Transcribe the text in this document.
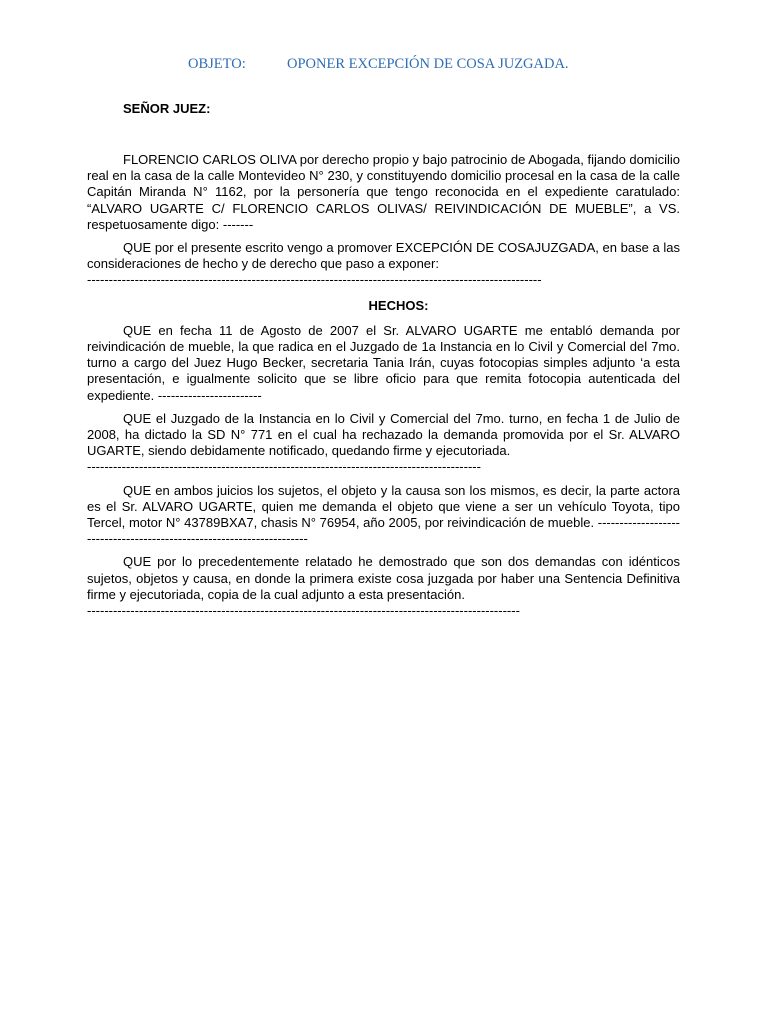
OBJETO:	OPONER EXCEPCIÓN DE COSA JUZGADA.
SEÑOR JUEZ:

FLORENCIO CARLOS OLIVA por derecho propio y bajo patrocinio de Abogada, fijando domicilio real en la casa de la calle Montevideo N° 230, y constituyendo domicilio procesal en la casa de la calle Capitán Miranda N° 1162, por la personería que tengo reconocida en el expediente caratulado: “ALVARO UGARTE C/ FLORENCIO CARLOS OLIVAS/ REIVINDICACIÓN DE MUEBLE”, a VS. respetuosamente digo: -------

QUE por el presente escrito vengo a promover EXCEPCIÓN DE COSAJUZGADA, en base a las consideraciones de hecho y de derecho que paso a exponer:
---------------------------------------------------------------------------------------------------------

HECHOS:

QUE en fecha 11 de Agosto de 2007 el Sr. ALVARO UGARTE me entabló demanda por reivindicación de mueble, la que radica en el Juzgado de 1a Instancia en lo Civil y Comercial del 7mo. turno a cargo del Juez Hugo Becker, secretaria Tania Irán, cuyas fotocopias simples adjunto ‘a esta presentación, e igualmente solicito que se libre oficio para que remita fotocopia autenticada del expediente. ------------------------

QUE el Juzgado de la Instancia en lo Civil y Comercial del 7mo. turno, en fecha 1 de Julio de 2008, ha dictado la SD N° 771 en el cual ha rechazado la demanda promovida por el Sr. ALVARO UGARTE, siendo debidamente notificado, quedando firme y ejecutoriada.
-------------------------------------------------------------------------------------------

QUE en ambos juicios los sujetos, el objeto y la causa son los mismos, es decir, la parte actora es el Sr. ALVARO UGARTE, quien me demanda el objeto que viene a ser un vehículo Toyota, tipo Tercel, motor N° 43789BXA7, chasis N° 76954, año 2005, por reivindicación de mueble. ----------------------------------------------------------------------

QUE por lo precedentemente relatado he demostrado que son dos demandas con idénticos sujetos, objetos y causa, en donde la primera existe cosa juzgada por haber una Sentencia Definitiva firme y ejecutoriada, copia de la cual adjunto a esta presentación.
----------------------------------------------------------------------------------------------------
